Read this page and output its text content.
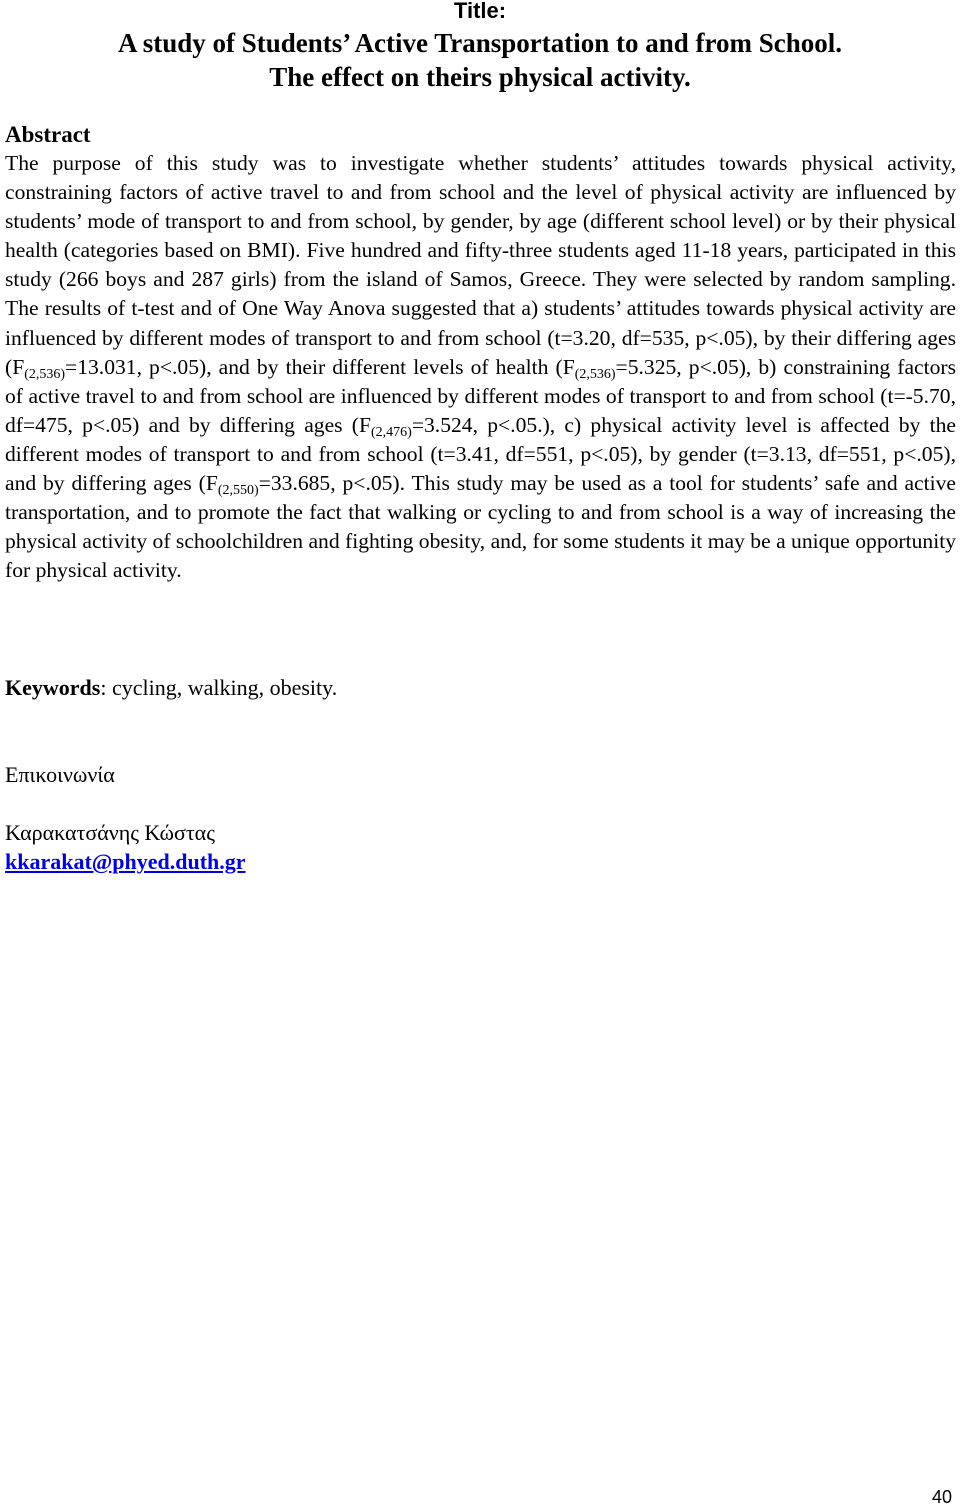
Title:
A study of Students’ Active Transportation to and from School.
The effect on theirs physical activity.
Abstract

The purpose of this study was to investigate whether students’ attitudes towards physical activity, constraining factors of active travel to and from school and the level of physical activity are influenced by students’ mode of transport to and from school, by gender, by age (different school level) or by their physical health (categories based on BMI). Five hundred and fifty-three students aged 11-18 years, participated in this study (266 boys and 287 girls) from the island of Samos, Greece. They were selected by random sampling. The results of t-test and of One Way Anova suggested that a) students’ attitudes towards physical activity are influenced by different modes of transport to and from school (t=3.20, df=535, p<.05), by their differing ages ($F_{(2,536)}=13.031$, p<.05), and by their different levels of health ($F_{(2,536)}=5.325$, p<.05), b) constraining factors of active travel to and from school are influenced by different modes of transport to and from school (t=-5.70, df=475, p<.05) and by differing ages ($F_{(2,476)}=3.524$, p<.05.), c) physical activity level is affected by the different modes of transport to and from school (t=3.41, df=551, p<.05), by gender (t=3.13, df=551, p<.05), and by differing ages ($F_{(2,550)}=33.685$, p<.05). This study may be used as a tool for students’ safe and active transportation, and to promote the fact that walking or cycling to and from school is a way of increasing the physical activity of schoolchildren and fighting obesity, and, for some students it may be a unique opportunity for physical activity.

Keywords: cycling, walking, obesity.
Επικοινωνία
Καρακατσάνης Κώστας
kkarakat@phyed.duth.gr
40
